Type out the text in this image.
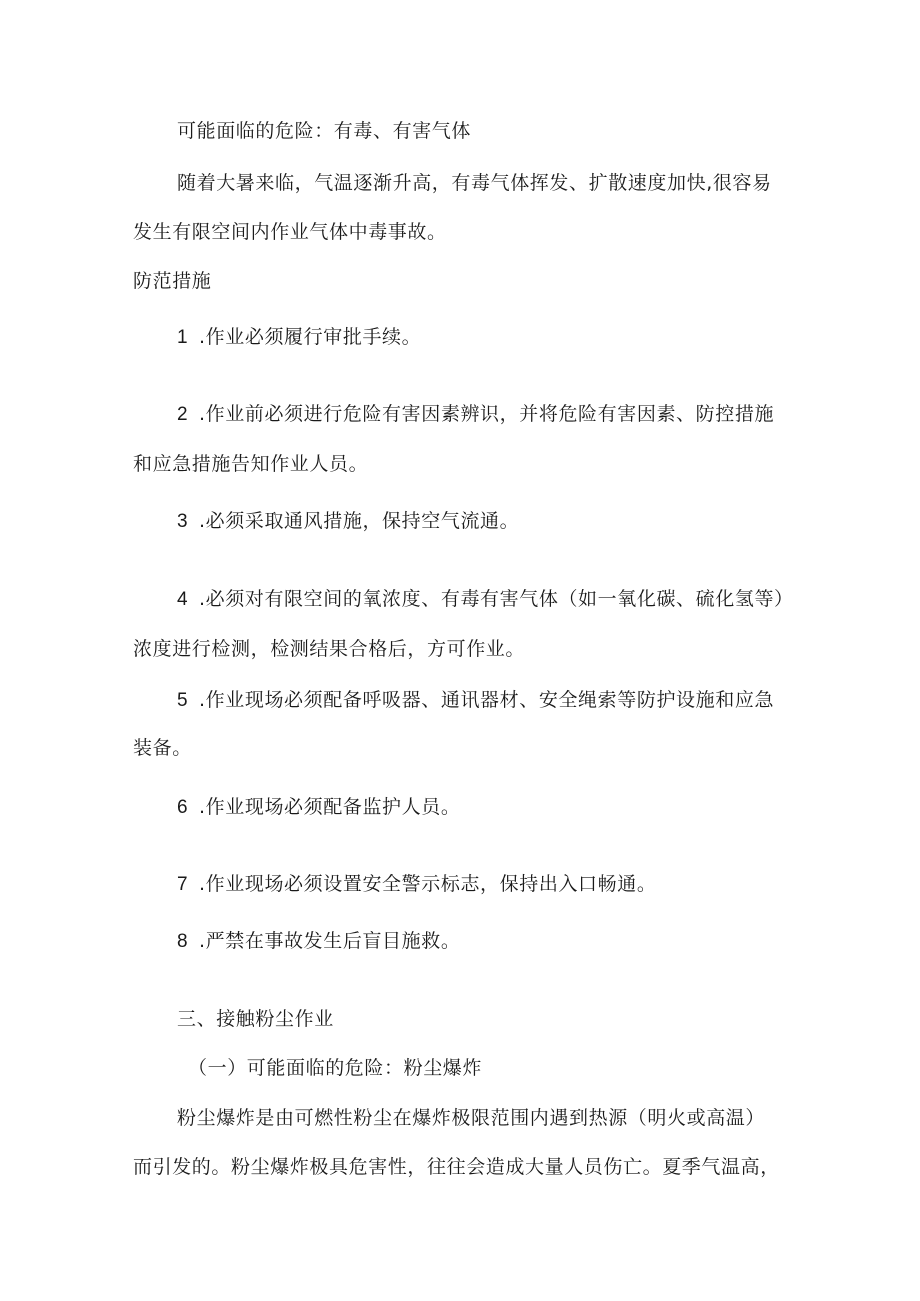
可能面临的危险：有毒、有害气体

随着大暑来临，气温逐渐升高，有毒气体挥发、扩散速度加快,很容易

发生有限空间内作业气体中毒事故。

防范措施

1 .作业必须履行审批手续。

2 .作业前必须进行危险有害因素辨识，并将危险有害因素、防控措施

和应急措施告知作业人员。

3 .必须采取通风措施，保持空气流通。

4 .必须对有限空间的氧浓度、有毒有害气体（如一氧化碳、硫化氢等）

浓度进行检测，检测结果合格后，方可作业。

5 .作业现场必须配备呼吸器、通讯器材、安全绳索等防护设施和应急

装备。

6 .作业现场必须配备监护人员。

7 .作业现场必须设置安全警示标志，保持出入口畅通。

8 .严禁在事故发生后盲目施救。

三、接触粉尘作业

（一）可能面临的危险：粉尘爆炸

粉尘爆炸是由可燃性粉尘在爆炸极限范围内遇到热源（明火或高温）

而引发的。粉尘爆炸极具危害性，往往会造成大量人员伤亡。夏季气温高，
